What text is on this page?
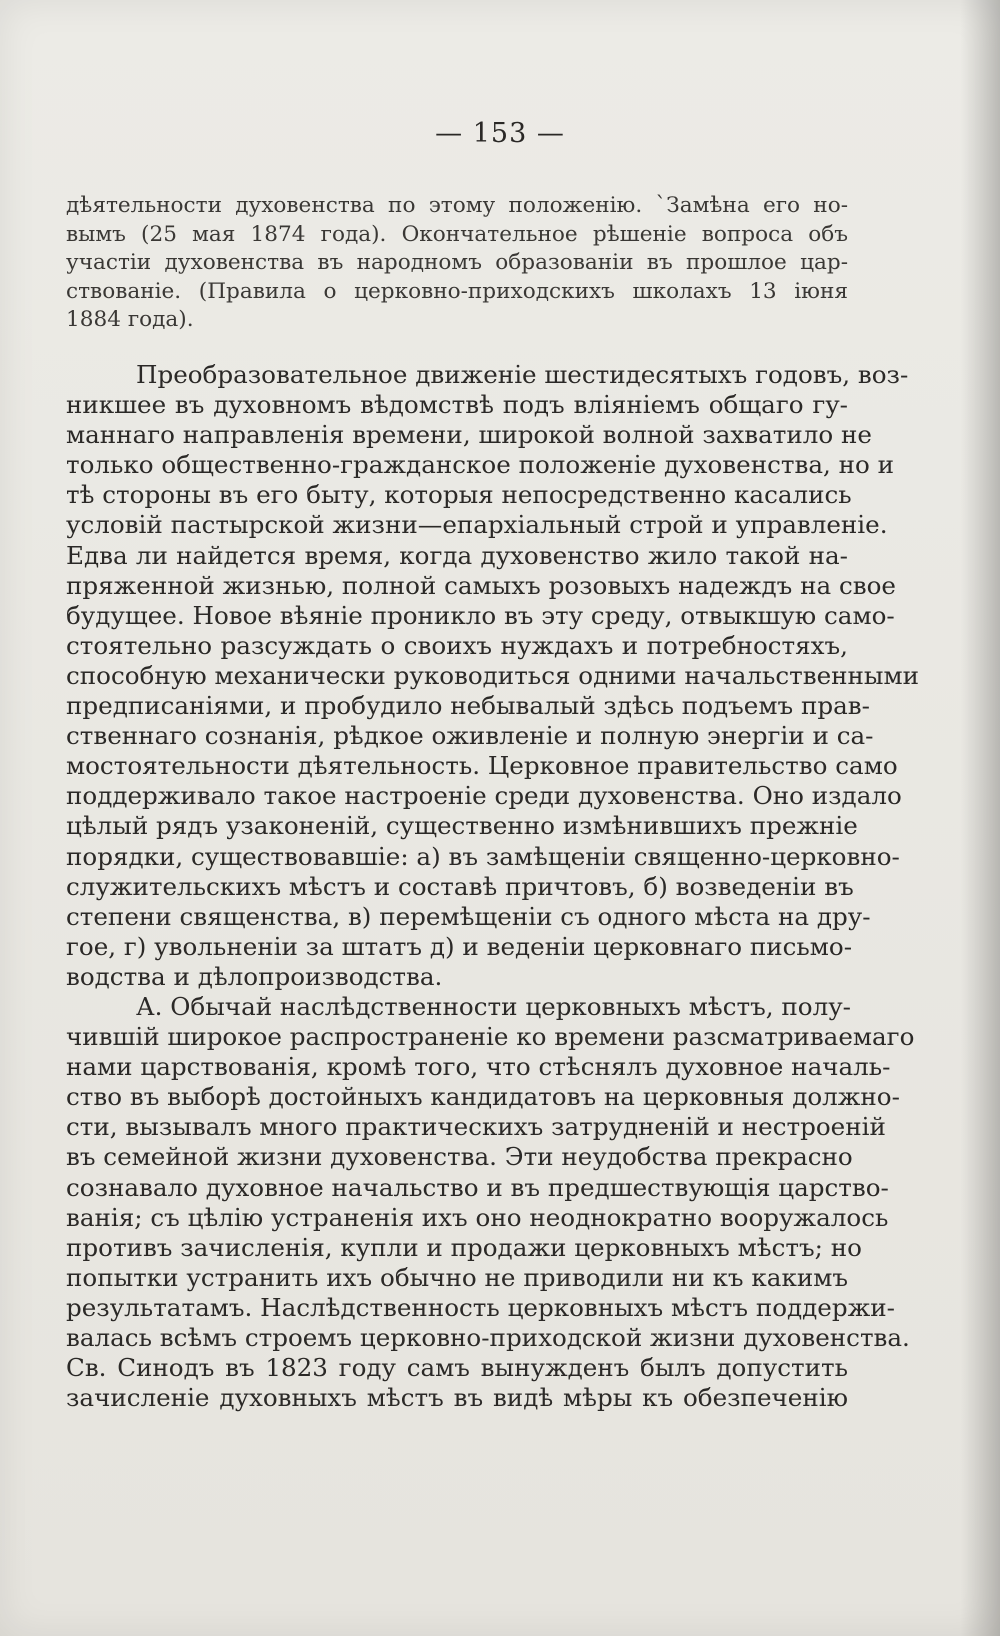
— 153 —
дѣятельности духовенства по этому положенію. `Замѣна его но-
вымъ (25 мая 1874 года). Окончательное рѣшеніе вопроса объ
участіи духовенства въ народномъ образованіи въ прошлое цар-
ствованіе. (Правила о церковно-приходскихъ школахъ 13 іюня
1884 года).
Преобразовательное движеніе шестидесятыхъ годовъ, воз-
никшее въ духовномъ вѣдомствѣ подъ вліяніемъ общаго гу-
маннаго направленія времени, широкой волной захватило не
только общественно-гражданское положеніе духовенства, но и
тѣ стороны въ его быту, которыя непосредственно касались
условій пастырской жизни—епархіальный строй и управленіе.
Едва ли найдется время, когда духовенство жило такой на-
пряженной жизнью, полной самыхъ розовыхъ надеждъ на свое
будущее. Новое вѣяніе проникло въ эту среду, отвыкшую само-
стоятельно разсуждать о своихъ нуждахъ и потребностяхъ,
способную механически руководиться одними начальственными
предписаніями, и пробудило небывалый здѣсь подъемъ прав-
ственнаго сознанія, рѣдкое оживленіе и полную энергіи и са-
мостоятельности дѣятельность. Церковное правительство само
поддерживало такое настроеніе среди духовенства. Оно издало
цѣлый рядъ узаконеній, существенно измѣнившихъ прежніе
порядки, существовавшіе: а) въ замѣщеніи священно-церковно-
служительскихъ мѣстъ и составѣ причтовъ, б) возведеніи въ
степени священства, в) перемѣщеніи съ одного мѣста на дру-
гое, г) увольненіи за штатъ д) и веденіи церковнаго письмо-
водства и дѣлопроизводства.
А. Обычай наслѣдственности церковныхъ мѣстъ, полу-
чившій широкое распространеніе ко времени разсматриваемаго
нами царствованія, кромѣ того, что стѣснялъ духовное началь-
ство въ выборѣ достойныхъ кандидатовъ на церковныя должно-
сти, вызывалъ много практическихъ затрудненій и нестроеній
въ семейной жизни духовенства. Эти неудобства прекрасно
сознавало духовное начальство и въ предшествующія царство-
ванія; съ цѣлію устраненія ихъ оно неоднократно вооружалось
противъ зачисленія, купли и продажи церковныхъ мѣстъ; но
попытки устранить ихъ обычно не приводили ни къ какимъ
результатамъ. Наслѣдственность церковныхъ мѣстъ поддержи-
валась всѣмъ строемъ церковно-приходской жизни духовенства.
Св. Синодъ въ 1823 году самъ вынужденъ былъ допустить
зачисленіе духовныхъ мѣстъ въ видѣ мѣры къ обезпеченію
